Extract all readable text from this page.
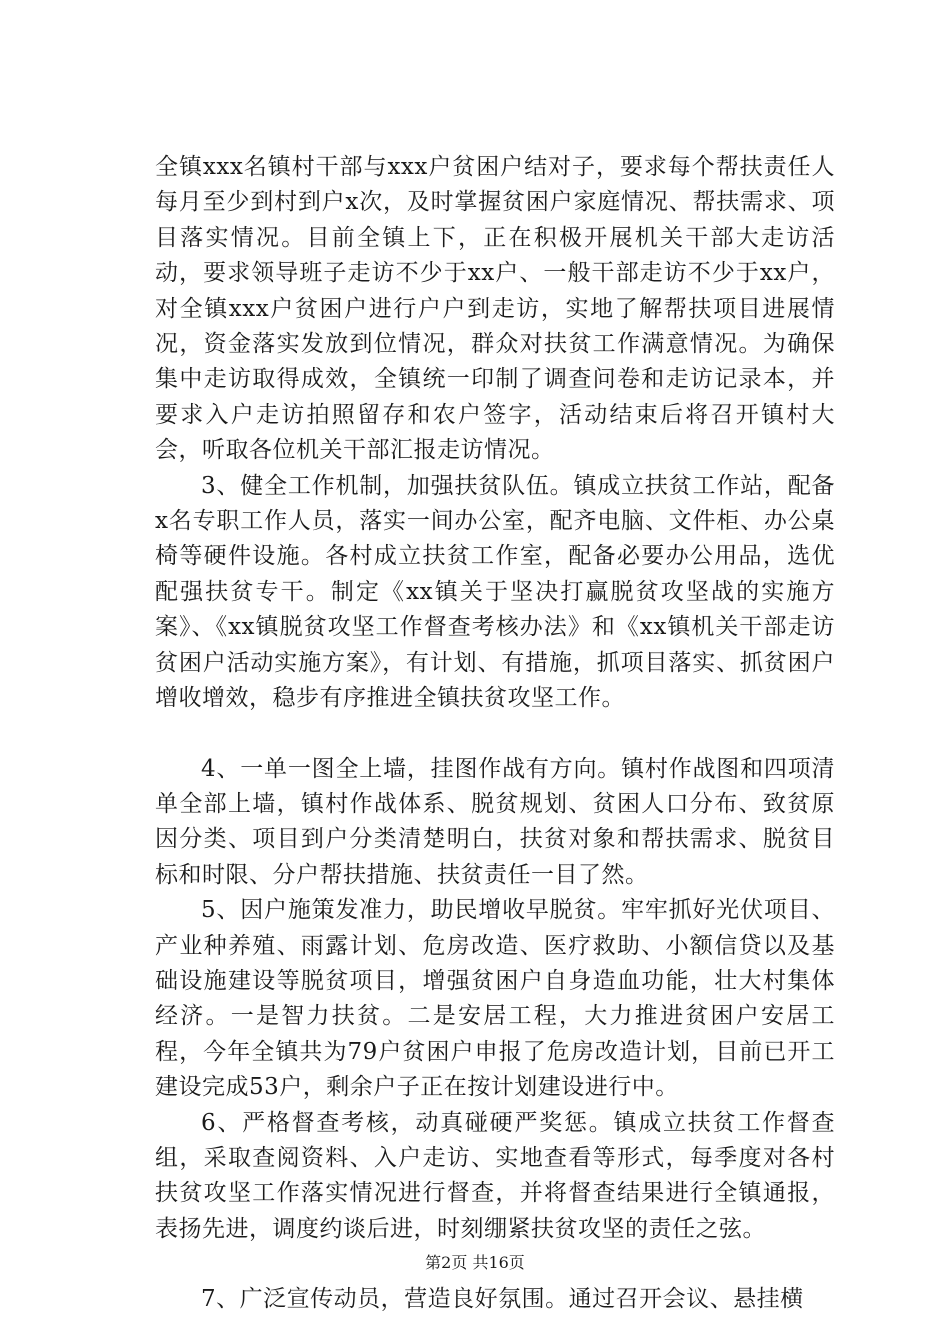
全镇xxx名镇村干部与xxx户贫困户结对子，要求每个帮扶责任人每月至少到村到户x次，及时掌握贫困户家庭情况、帮扶需求、项目落实情况。目前全镇上下，正在积极开展机关干部大走访活动，要求领导班子走访不少于xx户、一般干部走访不少于xx户，对全镇xxx户贫困户进行户户到走访，实地了解帮扶项目进展情况，资金落实发放到位情况，群众对扶贫工作满意情况。为确保集中走访取得成效，全镇统一印制了调查问卷和走访记录本，并要求入户走访拍照留存和农户签字，活动结束后将召开镇村大会，听取各位机关干部汇报走访情况。

3、健全工作机制，加强扶贫队伍。镇成立扶贫工作站，配备x名专职工作人员，落实一间办公室，配齐电脑、文件柜、办公桌椅等硬件设施。各村成立扶贫工作室，配备必要办公用品，选优配强扶贫专干。制定《xx镇关于坚决打赢脱贫攻坚战的实施方案》、《xx镇脱贫攻坚工作督查考核办法》和《xx镇机关干部走访贫困户活动实施方案》，有计划、有措施，抓项目落实、抓贫困户增收增效，稳步有序推进全镇扶贫攻坚工作。

4、一单一图全上墙，挂图作战有方向。镇村作战图和四项清单全部上墙，镇村作战体系、脱贫规划、贫困人口分布、致贫原因分类、项目到户分类清楚明白，扶贫对象和帮扶需求、脱贫目标和时限、分户帮扶措施、扶贫责任一目了然。

5、因户施策发准力，助民增收早脱贫。牢牢抓好光伏项目、产业种养殖、雨露计划、危房改造、医疗救助、小额信贷以及基础设施建设等脱贫项目，增强贫困户自身造血功能，壮大村集体经济。一是智力扶贫。二是安居工程，大力推进贫困户安居工程，今年全镇共为79户贫困户申报了危房改造计划，目前已开工建设完成53户，剩余户子正在按计划建设进行中。

6、严格督查考核，动真碰硬严奖惩。镇成立扶贫工作督查组，采取查阅资料、入户走访、实地查看等形式，每季度对各村扶贫攻坚工作落实情况进行督查，并将督查结果进行全镇通报，表扬先进，调度约谈后进，时刻绷紧扶贫攻坚的责任之弦。

7、广泛宣传动员，营造良好氛围。通过召开会议、悬挂横

第2页 共16页
